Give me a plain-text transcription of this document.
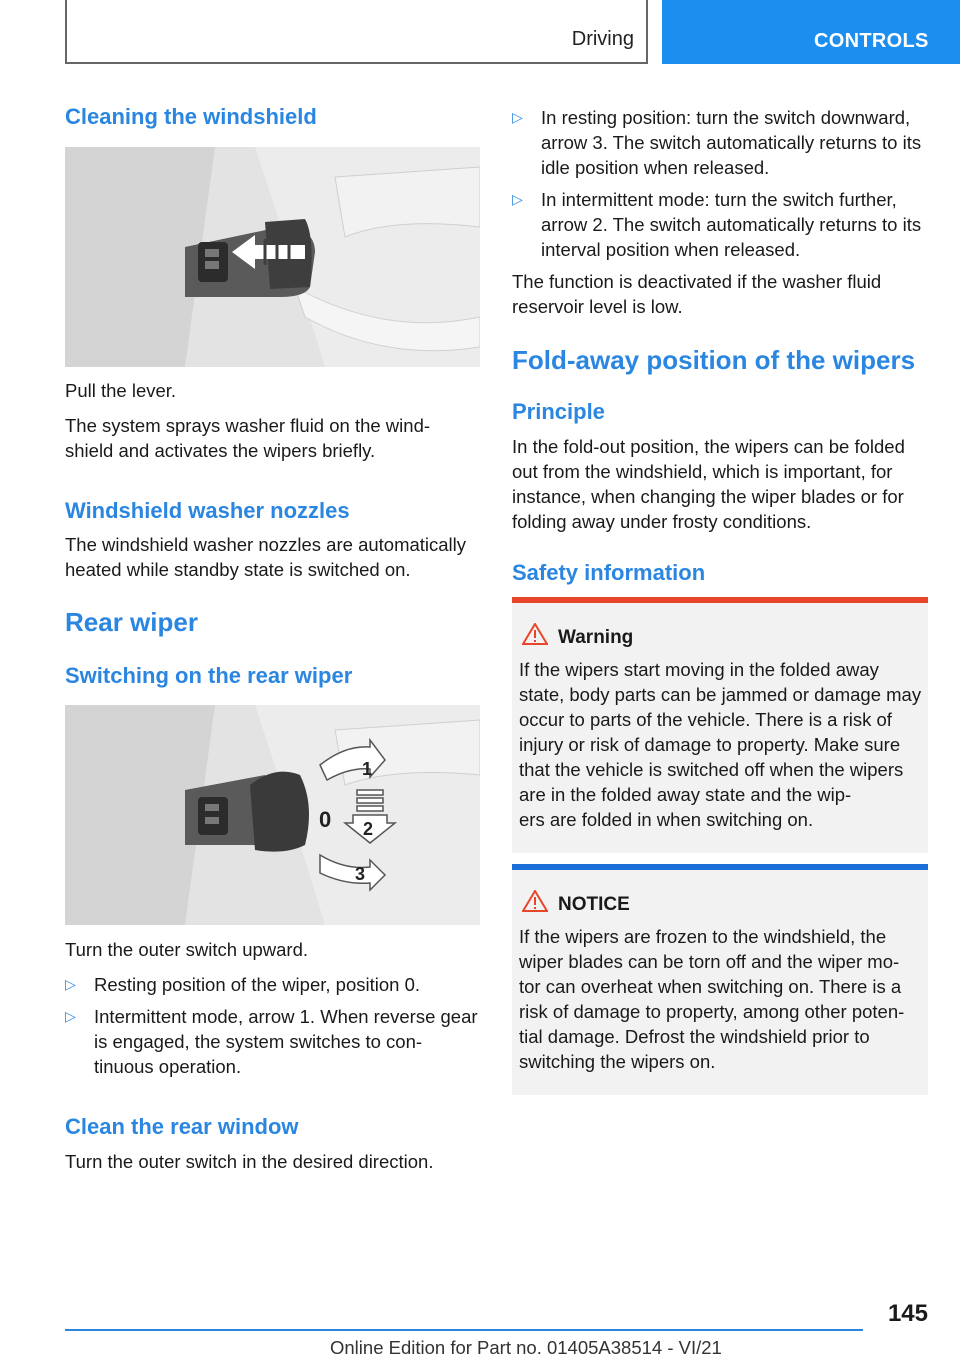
Driving	CONTROLS
Cleaning the windshield

Pull the lever.

The system sprays washer fluid on the wind-
shield and activates the wipers briefly.

Windshield washer nozzles

The windshield washer nozzles are automatically heated while standby state is switched on.

Rear wiper
Switching on the rear wiper
1
0 2
3

Turn the outer switch upward.

▷ Resting position of the wiper, position 0.
▷ Intermittent mode, arrow 1. When reverse gear is engaged, the system switches to con-
tinuous operation.
Clean the rear window

Turn the outer switch in the desired direction.

▷ In resting position: turn the switch downward, arrow 3. The switch automatically returns to its idle position when released.
▷ In intermittent mode: turn the switch further, arrow 2. The switch automatically returns to its interval position when released.

The function is deactivated if the washer fluid reservoir level is low.

Fold-away position of the wipers
Principle

In the fold-out position, the wipers can be folded out from the windshield, which is important, for instance, when changing the wiper blades or for folding away under frosty conditions.

Safety information
Warning
If the wipers start moving in the folded away state, body parts can be jammed or damage may occur to parts of the vehicle. There is a risk of injury or risk of damage to property. Make sure that the vehicle is switched off when the wipers are in the folded away state and the wip-
ers are folded in when switching on.
NOTICE
If the wipers are frozen to the windshield, the wiper blades can be torn off and the wiper mo-
tor can overheat when switching on. There is a risk of damage to property, among other poten-
tial damage. Defrost the windshield prior to switching the wipers on.
145
Online Edition for Part no. 01405A38514 - VI/21
